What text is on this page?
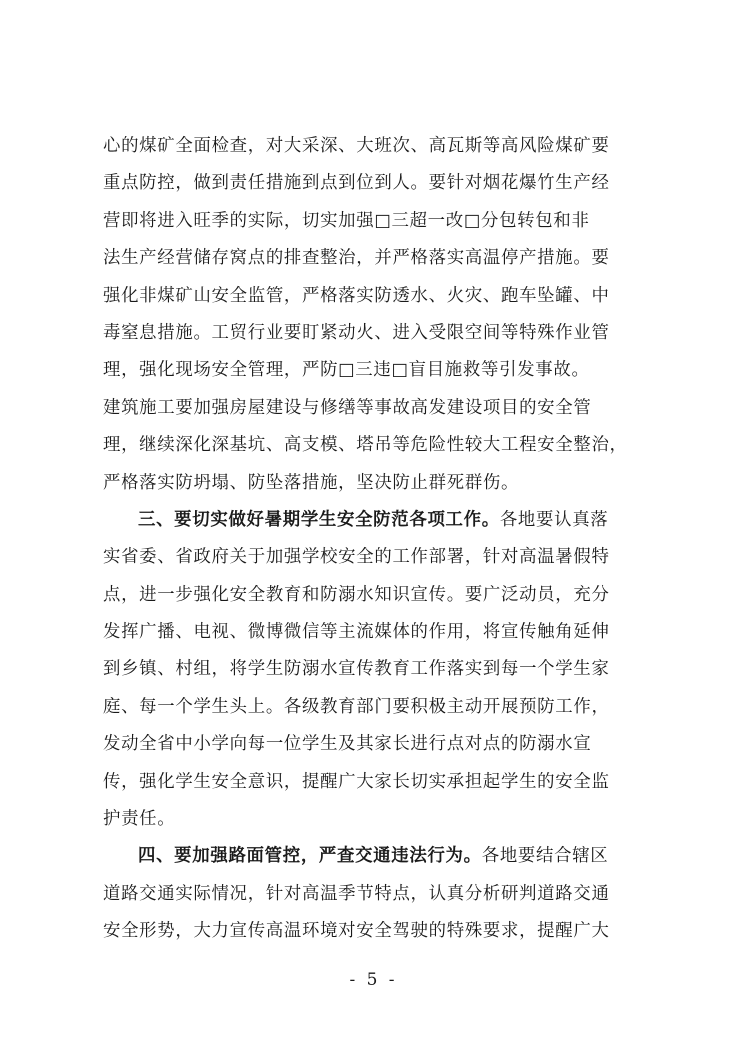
心的煤矿全面检查，对大采深、大班次、高瓦斯等高风险煤矿要
重点防控，做到责任措施到点到位到人。要针对烟花爆竹生产经
营即将进入旺季的实际，切实加强□三超一改□分包转包和非
法生产经营储存窝点的排查整治，并严格落实高温停产措施。要
强化非煤矿山安全监管，严格落实防透水、火灾、跑车坠罐、中
毒窒息措施。工贸行业要盯紧动火、进入受限空间等特殊作业管
理，强化现场安全管理，严防□三违□盲目施救等引发事故。
建筑施工要加强房屋建设与修缮等事故高发建设项目的安全管
理，继续深化深基坑、高支模、塔吊等危险性较大工程安全整治，
严格落实防坍塌、防坠落措施，坚决防止群死群伤。
三、要切实做好暑期学生安全防范各项工作。各地要认真落
实省委、省政府关于加强学校安全的工作部署，针对高温暑假特
点，进一步强化安全教育和防溺水知识宣传。要广泛动员，充分
发挥广播、电视、微博微信等主流媒体的作用，将宣传触角延伸
到乡镇、村组，将学生防溺水宣传教育工作落实到每一个学生家
庭、每一个学生头上。各级教育部门要积极主动开展预防工作，
发动全省中小学向每一位学生及其家长进行点对点的防溺水宣
传，强化学生安全意识，提醒广大家长切实承担起学生的安全监
护责任。
四、要加强路面管控，严查交通违法行为。各地要结合辖区
道路交通实际情况，针对高温季节特点，认真分析研判道路交通
安全形势，大力宣传高温环境对安全驾驶的特殊要求，提醒广大
- 5 -
